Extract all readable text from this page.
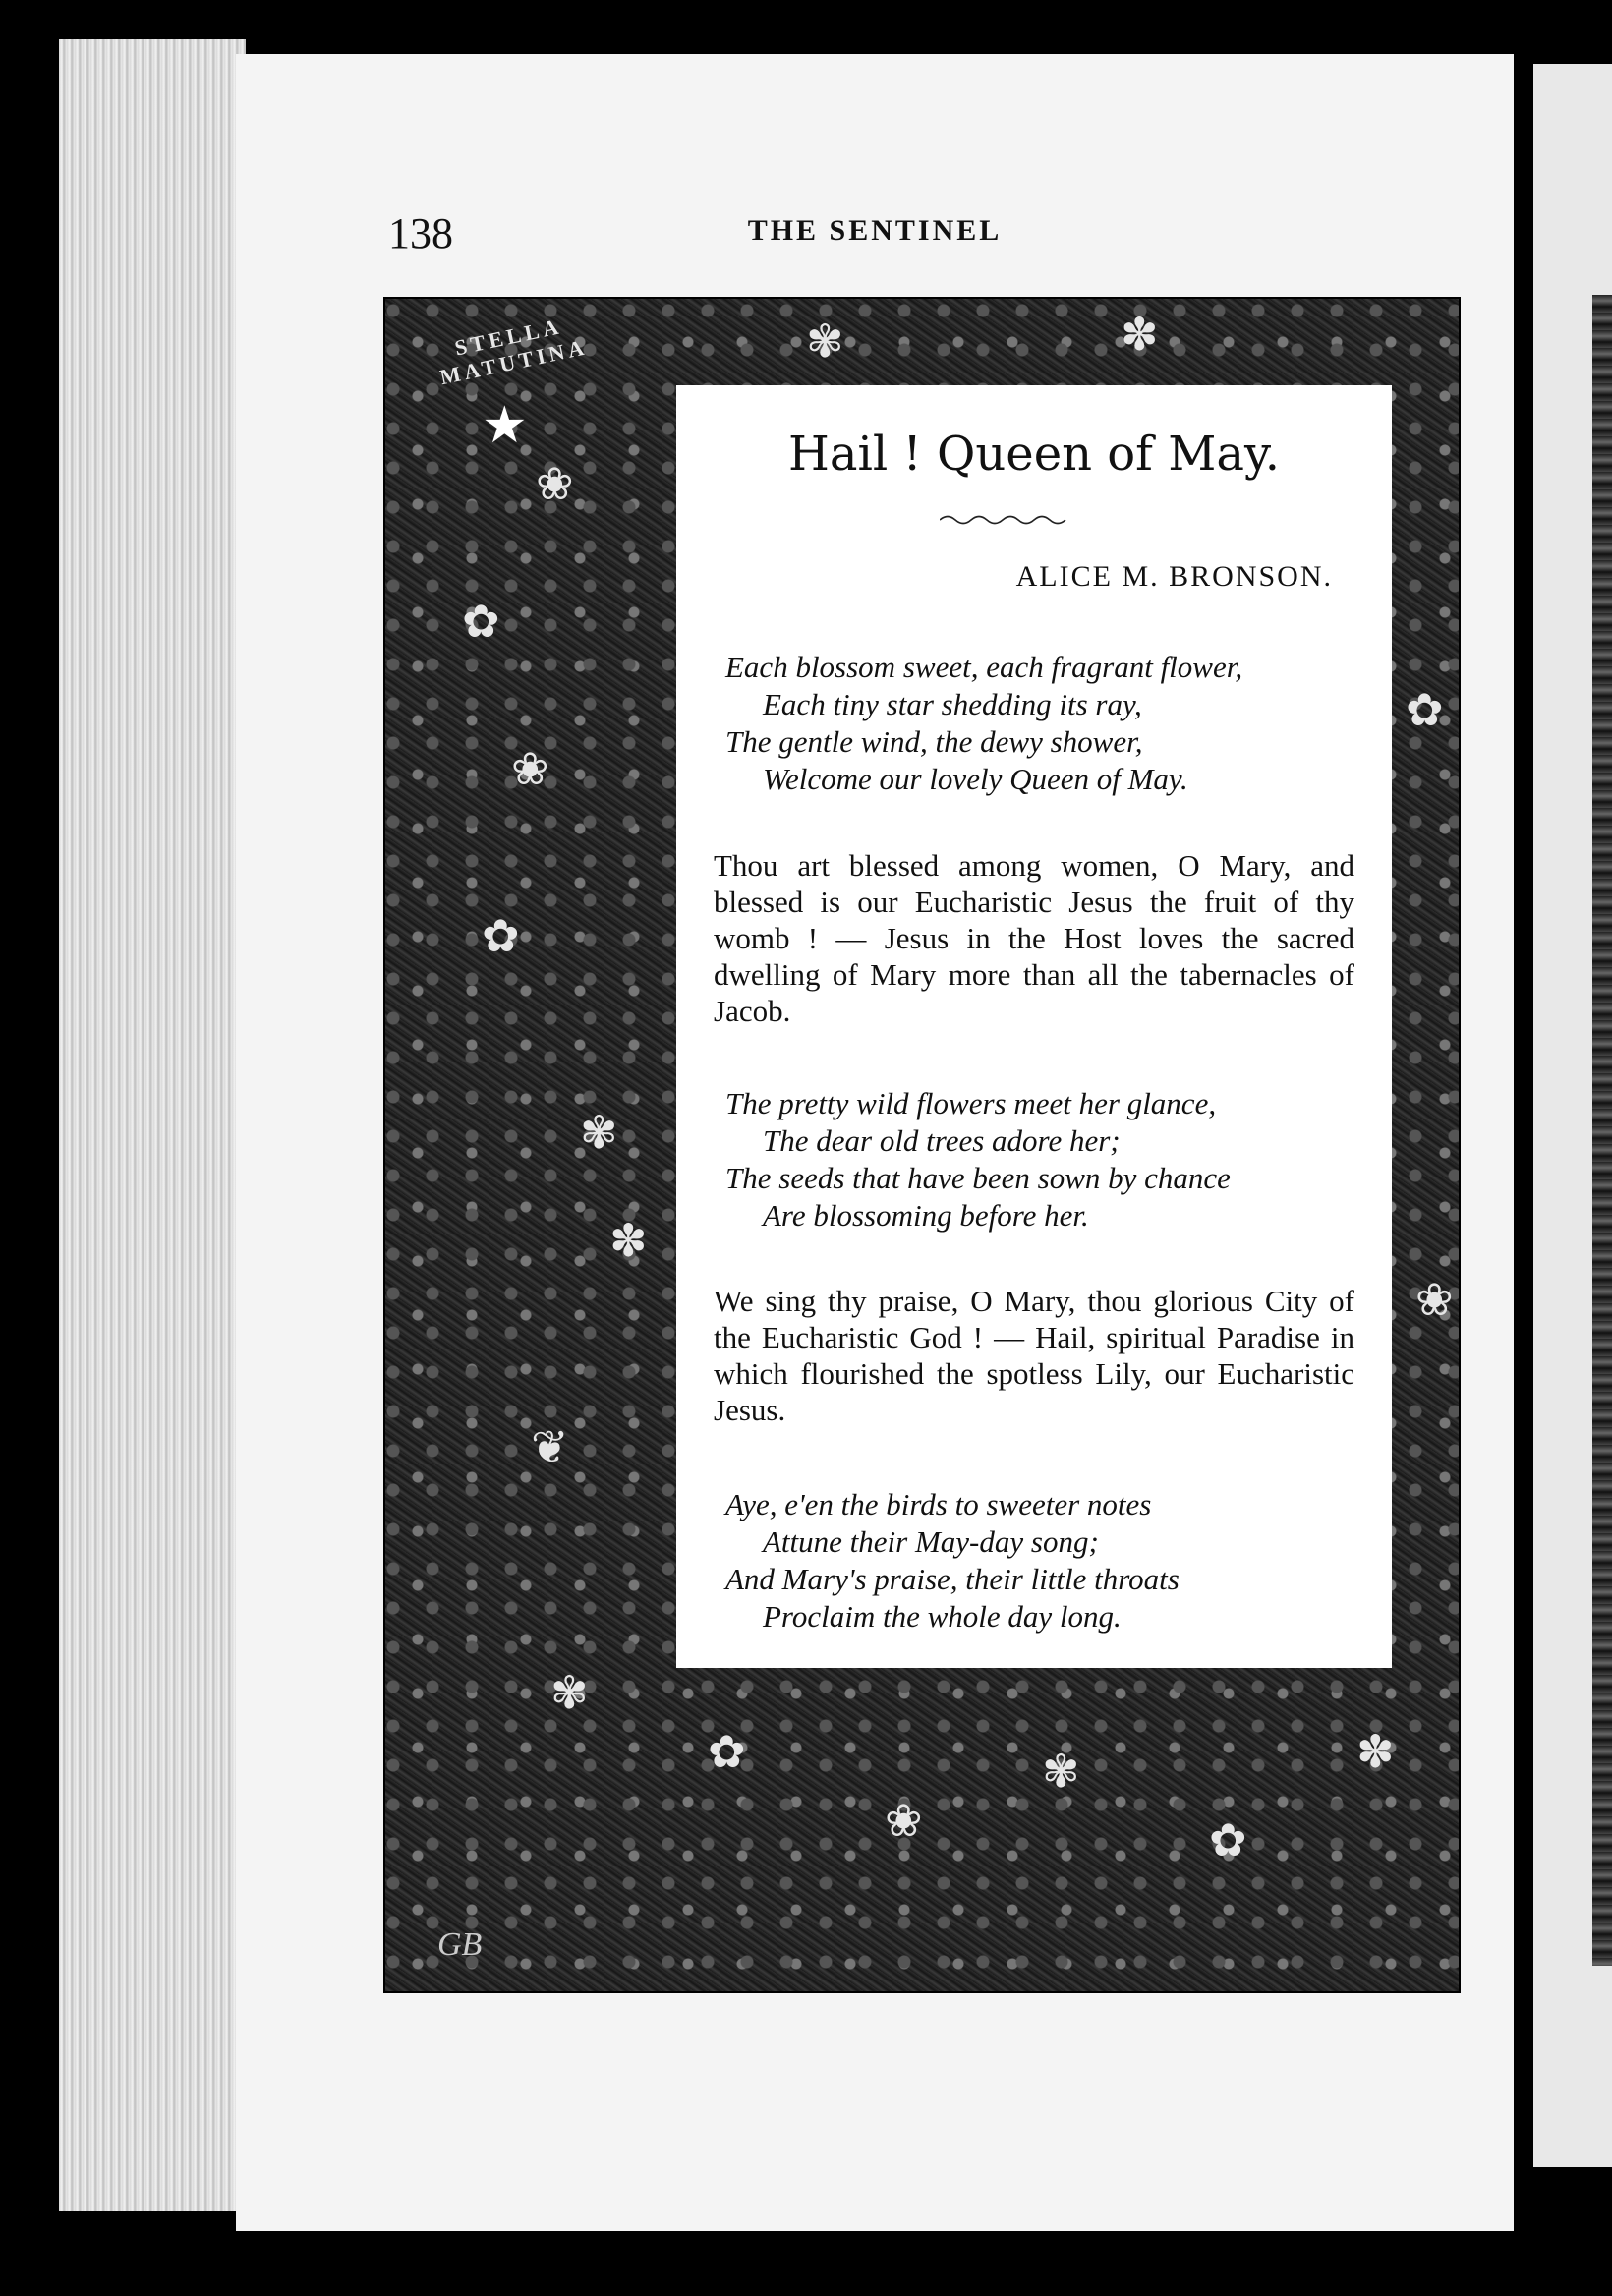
138	THE SENTINEL
STELLA MATUTINA
★
❀
✿
❀
✿
✾
✽
❦
✾
✿
❀
✾
✿
✽
❀
✿
✾	✽
GB
Hail ! Queen of May.
ALICE M. BRONSON.
Each blossom sweet, each fragrant flower,
Each tiny star shedding its ray,
The gentle wind, the dewy shower,
Welcome our lovely Queen of May.
Thou art blessed among women, O Mary, and blessed is our Eucharistic Jesus the fruit of thy womb ! — Jesus in the Host loves the sacred dwelling of Mary more than all the tabernacles of Jacob.
The pretty wild flowers meet her glance,
The dear old trees adore her;
The seeds that have been sown by chance
Are blossoming before her.
We sing thy praise, O Mary, thou glorious City of the Eucharistic God ! — Hail, spiritual Paradise in which flourished the spotless Lily, our Eucharistic Jesus.
Aye, e'en the birds to sweeter notes
Attune their May-day song;
And Mary's praise, their little throats
Proclaim the whole day long.
